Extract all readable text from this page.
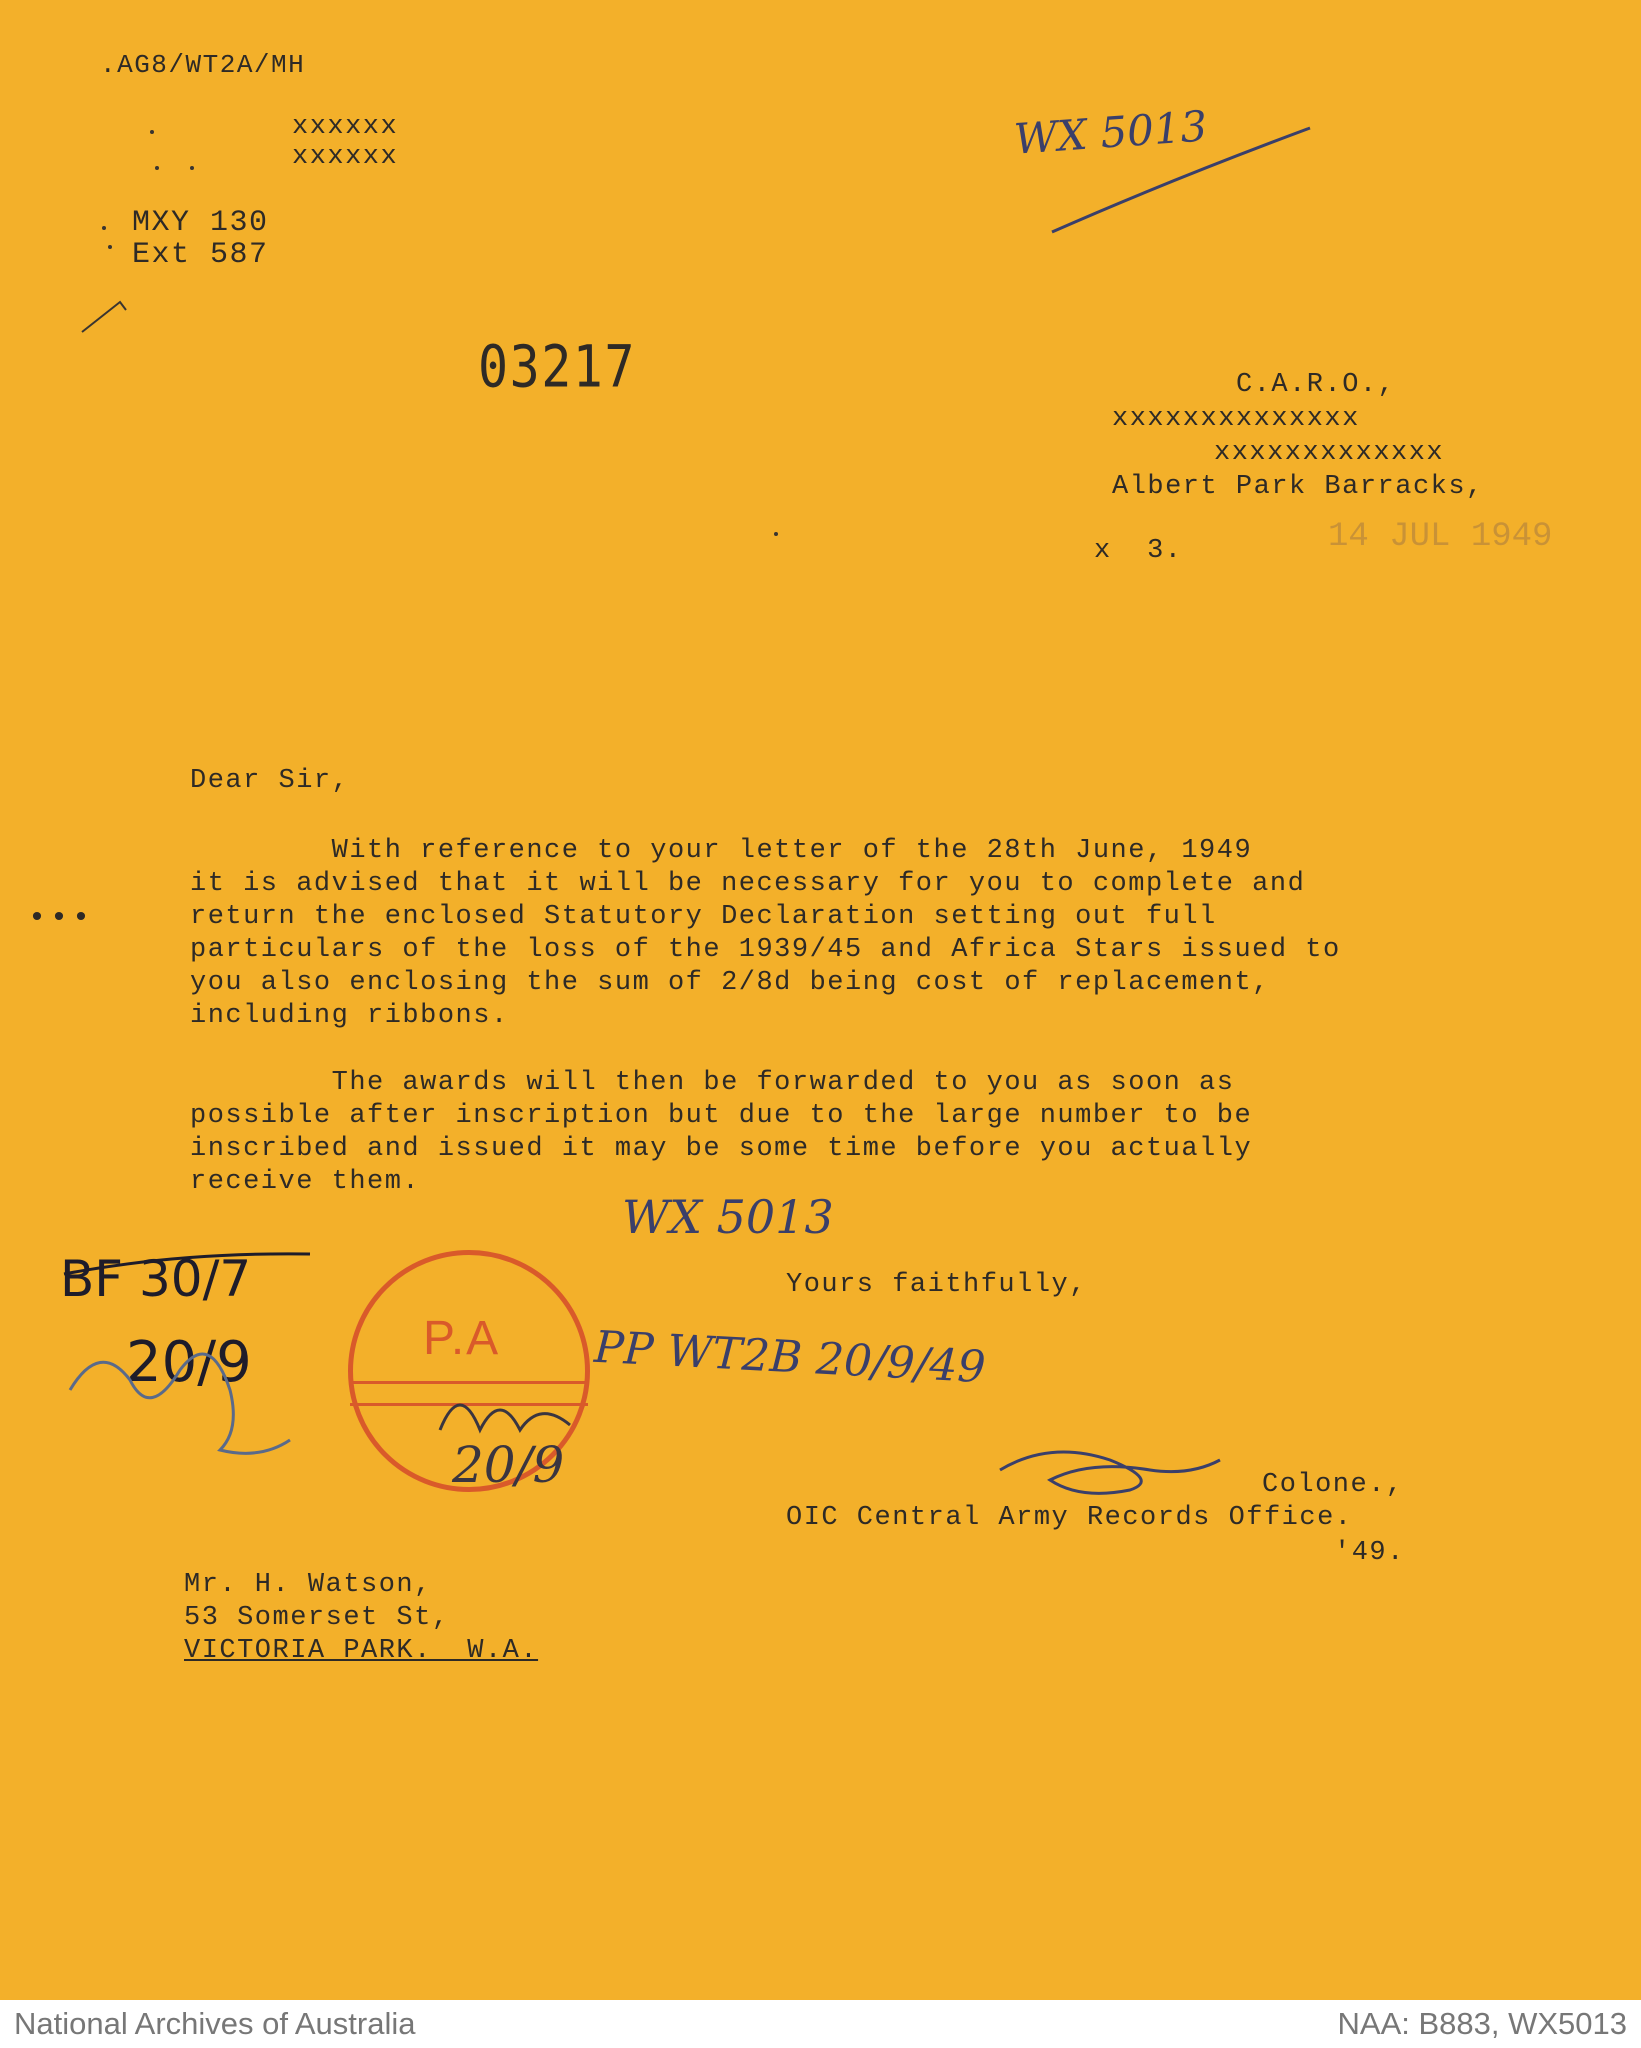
.AG8/WT2A/MH
xxxxxx
xxxxxx
MXY 130
Ext 587
03217
WX 5013
C.A.R.O.,
xxxxxxxxxxxxxx
xxxxxxxxxxxxx
Albert Park Barracks,
x  3.	14 JUL 1949
Dear Sir,
•••
With reference to your letter of the 28th June, 1949
it is advised that it will be necessary for you to complete and
return the enclosed Statutory Declaration setting out full
particulars of the loss of the 1939/45 and Africa Stars issued to
you also enclosing the sum of 2/8d being cost of replacement,
including ribbons.
The awards will then be forwarded to you as soon as
possible after inscription but due to the large number to be
inscribed and issued it may be some time before you actually
receive them.
WX 5013
Yours faithfully,
BF 30/7
20/9	P.A
20/9
PP WT2B 20/9/49
Colone.,
OIC Central Army Records Office.
'49.
Mr. H. Watson,
53 Somerset St,
VICTORIA PARK.  W.A.
National Archives of Australia	NAA: B883, WX5013
